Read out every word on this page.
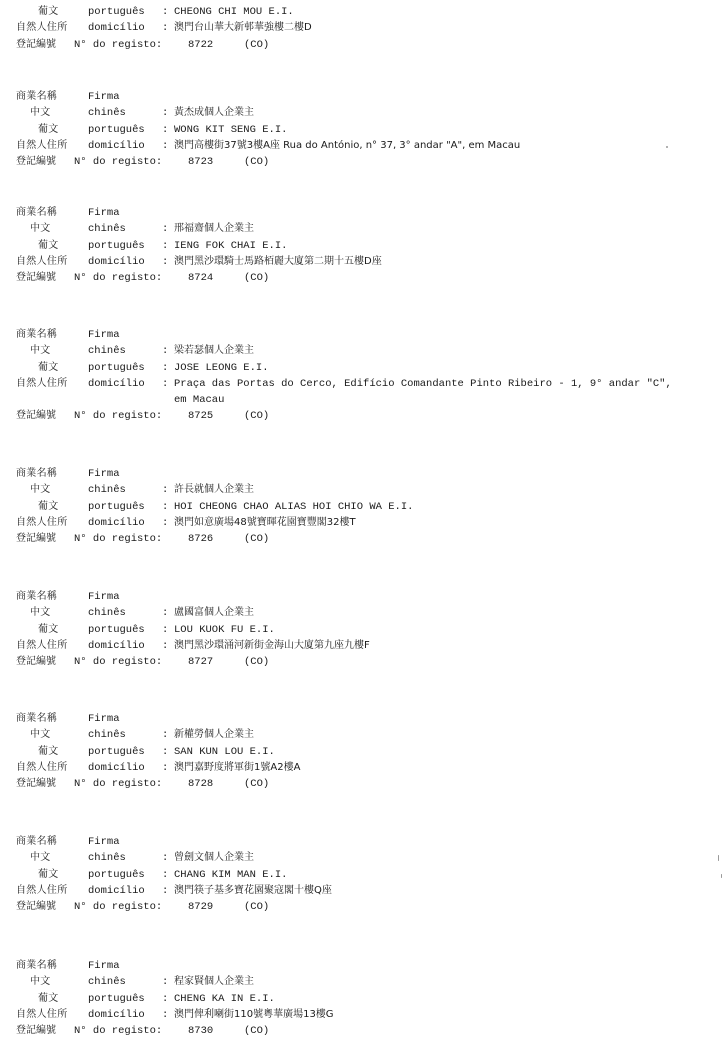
葡文	português : CHEONG CHI MOU E.I.
自然人住所 domicílio : 澳門台山華大新邨華強樓二樓D
登記編號 N° do registo: 8722	(CO)
商業名稱	Firma
中文	chinês	: 黃杰成個人企業主
葡文	português : WONG KIT SENG E.I.
自然人住所 domicílio : 澳門高樓街37號3樓A座 Rua do António, n° 37, 3° andar "A", em Macau
登記編號 N° do registo: 8723	(CO)
商業名稱	Firma
中文	chinês	: 邢福齋個人企業主
葡文	português : IENG FOK CHAI E.I.
自然人住所 domicílio : 澳門黑沙環騎士馬路栢麗大廈第二期十五樓D座
登記編號 N° do registo: 8724	(CO)
商業名稱	Firma
中文	chinês	: 梁若瑟個人企業主
葡文	português : JOSE LEONG E.I.
自然人住所 domicílio : Praça das Portas do Cerco, Edifício Comandante Pinto Ribeiro - 1, 9° andar "C",
em Macau
登記編號 N° do registo: 8725	(CO)
商業名稱	Firma
中文	chinês	: 許長就個人企業主
葡文	português : HOI CHEONG CHAO ALIAS HOI CHIO WA E.I.
自然人住所 domicílio : 澳門如意廣場48號寶暉花園寶豐閣32樓T
登記編號 N° do registo: 8726	(CO)
商業名稱	Firma
中文	chinês	: 盧國富個人企業主
葡文	português : LOU KUOK FU E.I.
自然人住所 domicílio : 澳門黑沙環涌河新街金海山大廈第九座九樓F
登記編號 N° do registo: 8727	(CO)
商業名稱	Firma
中文	chinês	: 新權勞個人企業主
葡文	português : SAN KUN LOU E.I.
自然人住所 domicílio : 澳門嘉野度將軍街1號A2樓A
登記編號 N° do registo: 8728	(CO)
商業名稱	Firma
中文	chinês	: 曾劍文個人企業主
葡文	português : CHANG KIM MAN E.I.
自然人住所 domicílio : 澳門筷子基多寶花園聚寇閣十樓Q座
登記編號 N° do registo: 8729	(CO)
商業名稱	Firma
中文	chinês	: 程家賢個人企業主
葡文	português : CHENG KA IN E.I.
自然人住所 domicílio : 澳門俾利喇街110號粵華廣場13樓G
登記編號 N° do registo: 8730	(CO)
